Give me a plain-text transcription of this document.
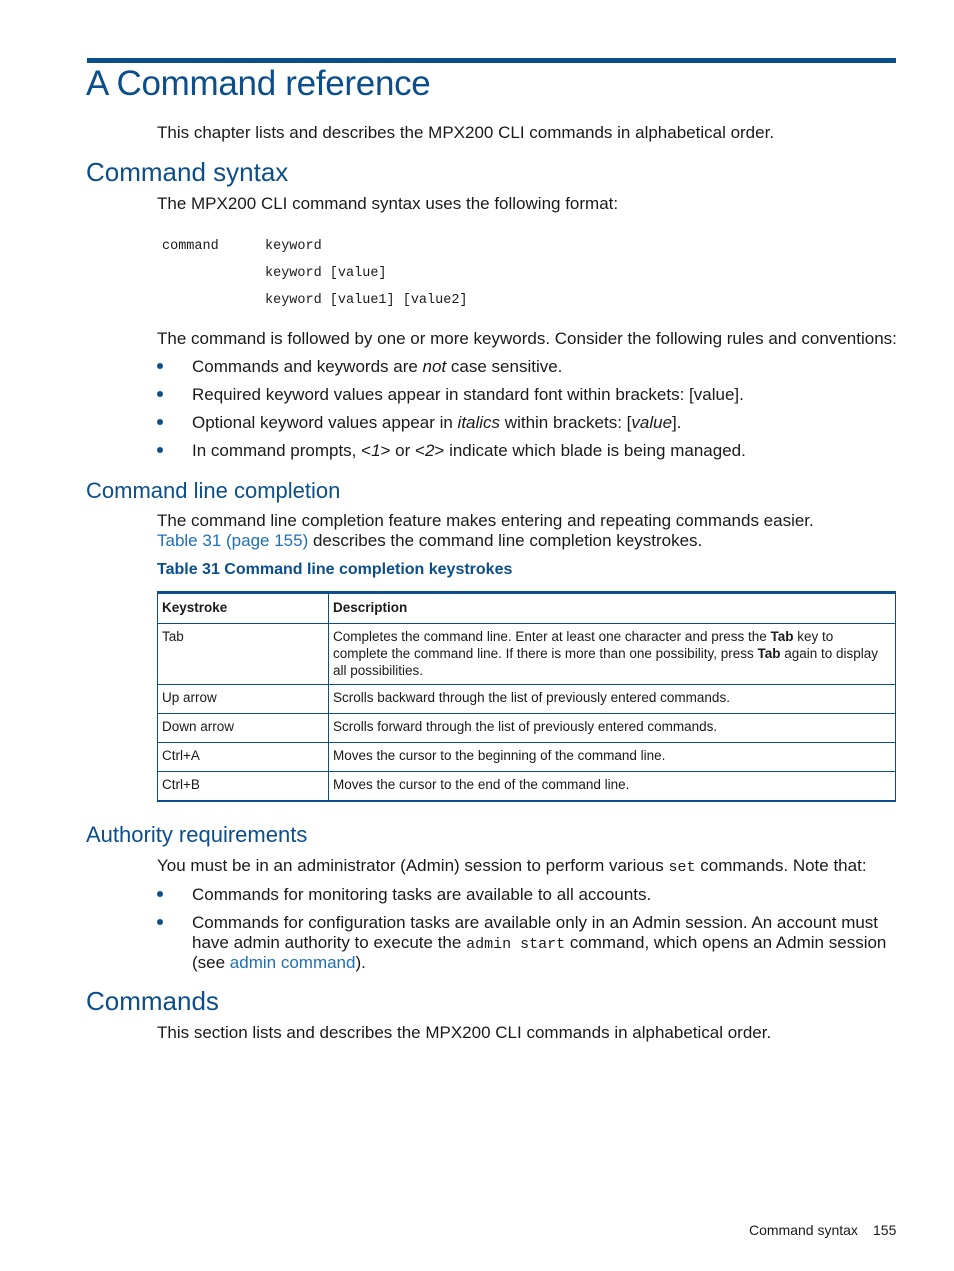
A Command reference
This chapter lists and describes the MPX200 CLI commands in alphabetical order.
Command syntax
The MPX200 CLI command syntax uses the following format:
command	keyword
keyword [value]
keyword [value1] [value2]
The command is followed by one or more keywords. Consider the following rules and conventions:
Commands and keywords are not case sensitive.
Required keyword values appear in standard font within brackets: [value].
Optional keyword values appear in italics within brackets: [value].
In command prompts, <1> or <2> indicate which blade is being managed.
Command line completion
The command line completion feature makes entering and repeating commands easier.
Table 31 (page 155) describes the command line completion keystrokes.
Table 31 Command line completion keystrokes
Keystroke	Description
Tab	Completes the command line. Enter at least one character and press the Tab key to complete the command line. If there is more than one possibility, press Tab again to display all possibilities.
Up arrow	Scrolls backward through the list of previously entered commands.
Down arrow	Scrolls forward through the list of previously entered commands.
Ctrl+A	Moves the cursor to the beginning of the command line.
Ctrl+B	Moves the cursor to the end of the command line.
Authority requirements
You must be in an administrator (Admin) session to perform various set commands. Note that:
Commands for monitoring tasks are available to all accounts.
Commands for configuration tasks are available only in an Admin session. An account must
have admin authority to execute the admin start command, which opens an Admin session
(see admin command).
Commands
This section lists and describes the MPX200 CLI commands in alphabetical order.
Command syntax 155
